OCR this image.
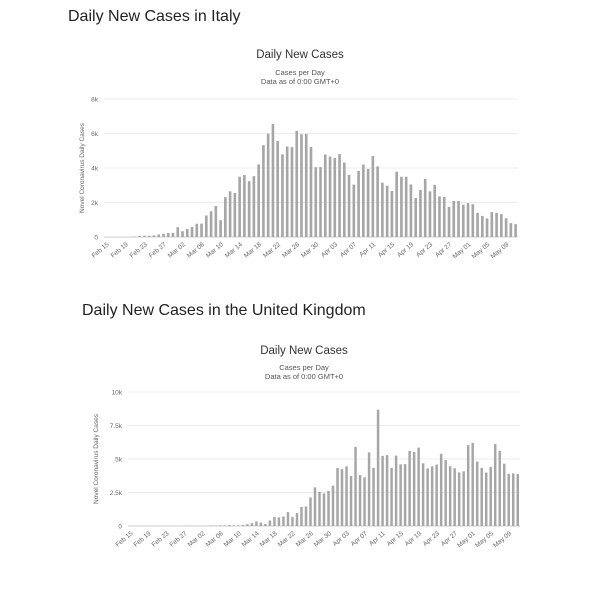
Daily New Cases in Italy
Daily New Cases
Cases per Day
Data as of 0:00 GMT+0
Novel Coronavirus Daily Cases
0
2k
4k
6k
8k
Feb 15 Feb 19 Feb 23 Feb 27 Mar 02 Mar 06 Mar 10 Mar 14 Mar 18 Mar 22 Mar 26 Mar 30 Apr 03 Apr 07 Apr 11 Apr 15 Apr 19 Apr 23 Apr 27
May 01
May 05
May 09
Daily New Cases in the United Kingdom
Daily New Cases
Cases per Day
Data as of 0:00 GMT+0
Novel Coronavirus Daily Cases
0
2.5k
5k
7.5k
10k
Feb 15
Feb 19
Feb 23
Feb 27
Mar 02
Mar 06
Mar 10
Mar 14
Mar 18
Mar 22
Mar 26
Mar 30
Apr 03
Apr 07 Apr 11
Apr 15
Apr 19
Apr 23
Apr 27
May 01
May 05
May 09
